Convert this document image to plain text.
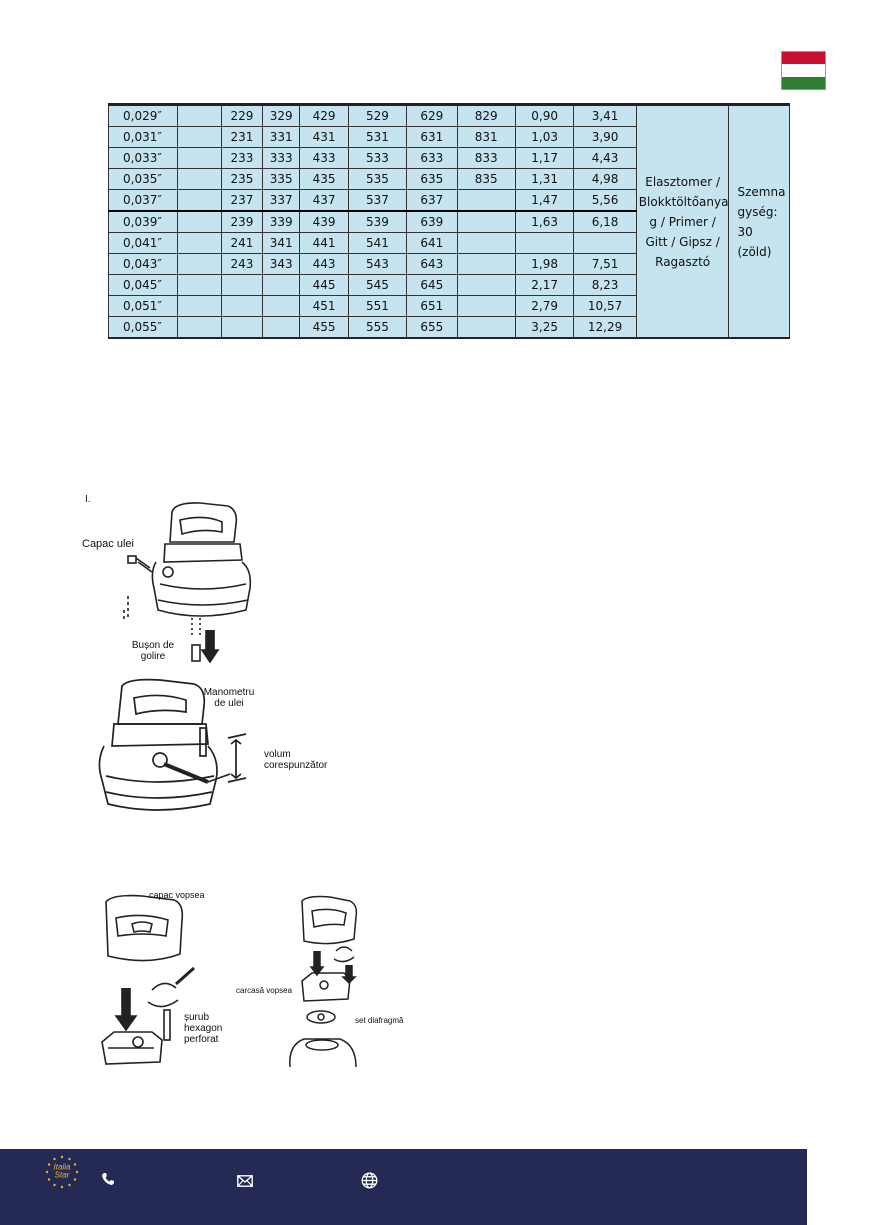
0,029″		229	329	429	529	629	829	0,90	3,41	Elasztomer / Blokktöltőanya g / Primer / Gitt / Gipsz / Ragasztó	Szemna gység: 30 (zöld)
0,031″		231	331	431	531	631	831	1,03	3,90		
0,033″		233	333	433	533	633	833	1,17	4,43		
0,035″		235	335	435	535	635	835	1,31	4,98		
0,037″		237	337	437	537	637		1,47	5,56		
0,039″		239	339	439	539	639		1,63	6,18		
0,041″		241	341	441	541	641					
0,043″		243	343	443	543	643		1,98	7,51		
0,045″				445	545	645		2,17	8,23		
0,051″				451	551	651		2,79	10,57		
0,055″				455	555	655		3,25	12,29		
I.
Capac ulei
Bușon de golire
Manometru de ulei
volum corespunzător
capac vopsea
șurub hexagon perforat
carcasă vopsea
set diafragmă
Italia
Star
